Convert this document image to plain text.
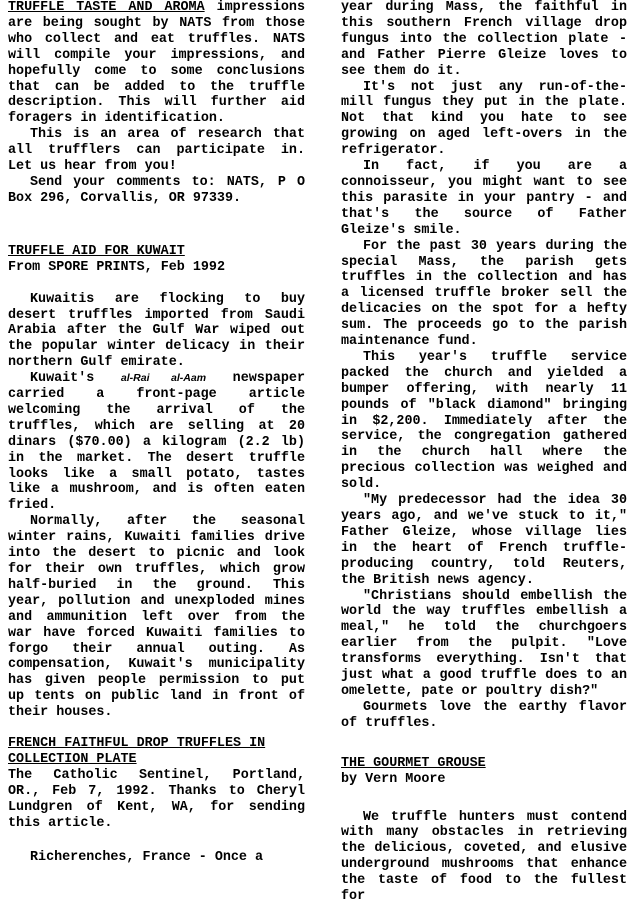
TRUFFLE TASTE AND AROMA impressions are being sought by NATS from those who collect and eat truffles. NATS will compile your impressions, and hopefully come to some conclusions that can be added to the truffle description. This will further aid foragers in identification.

This is an area of research that all trufflers can participate in. Let us hear from you!

Send your comments to: NATS, P O Box 296, Corvallis, OR 97339.

TRUFFLE AID FOR KUWAIT

From SPORE PRINTS, Feb 1992

Kuwaitis are flocking to buy desert truffles imported from Saudi Arabia after the Gulf War wiped out the popular winter delicacy in their northern Gulf emirate.

Kuwait's al-Rai al-Aam newspaper carried a front-page article welcoming the arrival of the truffles, which are selling at 20 dinars ($70.00) a kilogram (2.2 lb) in the market. The desert truffle looks like a small potato, tastes like a mushroom, and is often eaten fried.

Normally, after the seasonal winter rains, Kuwaiti families drive into the desert to picnic and look for their own truffles, which grow half-buried in the ground. This year, pollution and unexploded mines and ammunition left over from the war have forced Kuwaiti families to forgo their annual outing. As compensation, Kuwait's municipality has given people permission to put up tents on public land in front of their houses.

FRENCH FAITHFUL DROP TRUFFLES IN COLLECTION PLATE

The Catholic Sentinel, Portland, OR., Feb 7, 1992. Thanks to Cheryl Lundgren of Kent, WA, for sending this article.

Richerenches, France - Once a

year during Mass, the faithful in this southern French village drop fungus into the collection plate - and Father Pierre Gleize loves to see them do it.

It's not just any run-of-the-mill fungus they put in the plate. Not that kind you hate to see growing on aged left-overs in the refrigerator.

In fact, if you are a connoisseur, you might want to see this parasite in your pantry - and that's the source of Father Gleize's smile.

For the past 30 years during the special Mass, the parish gets truffles in the collection and has a licensed truffle broker sell the delicacies on the spot for a hefty sum. The proceeds go to the parish maintenance fund.

This year's truffle service packed the church and yielded a bumper offering, with nearly 11 pounds of "black diamond" bringing in $2,200. Immediately after the service, the congregation gathered in the church hall where the precious collection was weighed and sold.

"My predecessor had the idea 30 years ago, and we've stuck to it," Father Gleize, whose village lies in the heart of French truffle-producing country, told Reuters, the British news agency.

"Christians should embellish the world the way truffles embellish a meal," he told the churchgoers earlier from the pulpit. "Love transforms everything. Isn't that just what a good truffle does to an omelette, pate or poultry dish?"

Gourmets love the earthy flavor of truffles.

THE GOURMET GROUSE

by Vern Moore

We truffle hunters must contend with many obstacles in retrieving the delicious, coveted, and elusive underground mushrooms that enhance the taste of food to the fullest for
